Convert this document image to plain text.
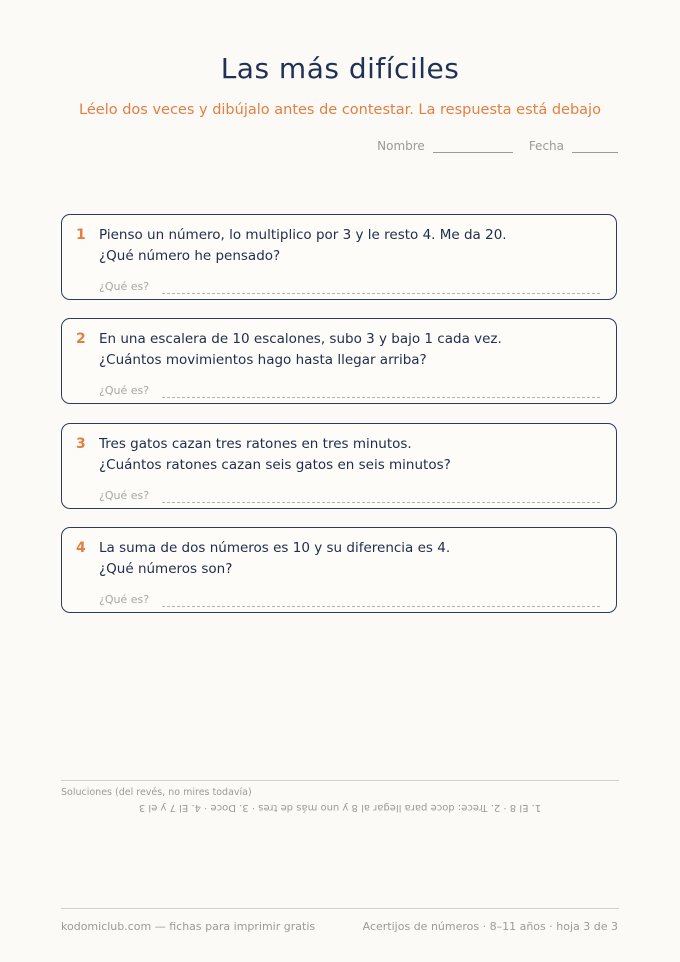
Las más difíciles
Léelo dos veces y dibújalo antes de contestar. La respuesta está debajo
Nombre	Fecha
1 Pienso un número, lo multiplico por 3 y le resto 4. Me da 20.
¿Qué número he pensado?
¿Qué es?
2 En una escalera de 10 escalones, subo 3 y bajo 1 cada vez.
¿Cuántos movimientos hago hasta llegar arriba?
¿Qué es?
3 Tres gatos cazan tres ratones en tres minutos.
¿Cuántos ratones cazan seis gatos en seis minutos?
¿Qué es?
4 La suma de dos números es 10 y su diferencia es 4.
¿Qué números son?
¿Qué es?
Soluciones (del revés, no mires todavía)
1. El 8 · 2. Trece: doce para llegar al 8 y uno más de tres · 3. Doce · 4. El 7 y el 3
kodomiclub.com — fichas para imprimir gratis	Acertijos de números · 8–11 años · hoja 3 de 3
